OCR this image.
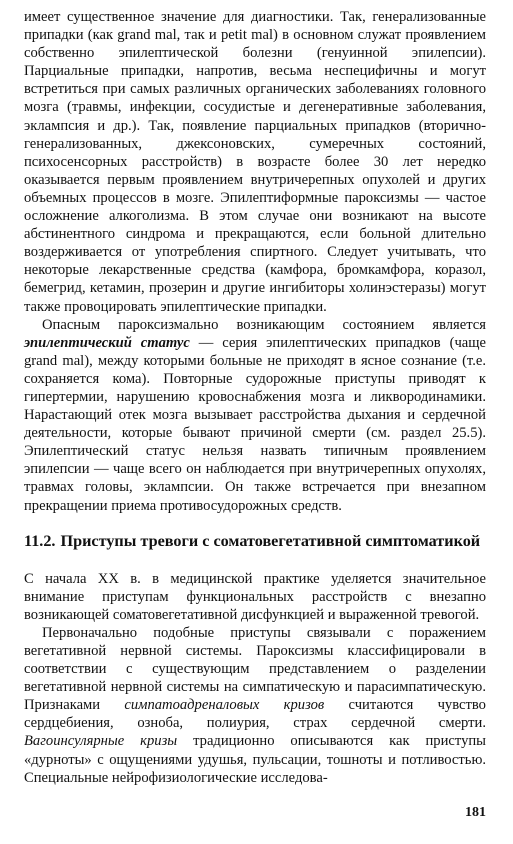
имеет существенное значение для диагностики. Так, генерализованные припадки (как grand mal, так и petit mal) в основном служат проявлением собственно эпилептической болезни (генуинной эпилепсии). Парциальные припадки, напротив, весьма неспецифичны и могут встретиться при самых различных органических заболеваниях головного мозга (травмы, инфекции, сосудистые и дегенеративные заболевания, эклампсия и др.). Так, появление парциальных припадков (вторично-генерализованных, джексоновских, сумеречных состояний, психосенсорных расстройств) в возрасте более 30 лет нередко оказывается первым проявлением внутричерепных опухолей и других объемных процессов в мозге. Эпилептиформные пароксизмы — частое осложнение алкоголизма. В этом случае они возникают на высоте абстинентного синдрома и прекращаются, если больной длительно воздерживается от употребления спиртного. Следует учитывать, что некоторые лекарственные средства (камфора, бромкамфора, коразол, бемегрид, кетамин, прозерин и другие ингибиторы холинэстеразы) могут также провоцировать эпилептические припадки.

Опасным пароксизмально возникающим состоянием является эпилептический статус — серия эпилептических припадков (чаще grand mal), между которыми больные не приходят в ясное сознание (т.е. сохраняется кома). Повторные судорожные приступы приводят к гипертермии, нарушению кровоснабжения мозга и ликвородинамики. Нарастающий отек мозга вызывает расстройства дыхания и сердечной деятельности, которые бывают причиной смерти (см. раздел 25.5). Эпилептический статус нельзя назвать типичным проявлением эпилепсии — чаще всего он наблюдается при внутричерепных опухолях, травмах головы, эклампсии. Он также встречается при внезапном прекращении приема противосудорожных средств.

11.2. Приступы тревоги с соматовегетативной симптоматикой

С начала XX в. в медицинской практике уделяется значительное внимание приступам функциональных расстройств с внезапно возникающей соматовегетативной дисфункцией и выраженной тревогой.

Первоначально подобные приступы связывали с поражением вегетативной нервной системы. Пароксизмы классифицировали в соответствии с существующим представлением о разделении вегетативной нервной системы на симпатическую и парасимпатическую. Признаками симпатоадреналовых кризов считаются чувство сердцебиения, озноба, полиурия, страх сердечной смерти. Вагоинсулярные кризы традиционно описываются как приступы «дурноты» с ощущениями удушья, пульсации, тошноты и потливостью. Специальные нейрофизиологические исследова-

181
